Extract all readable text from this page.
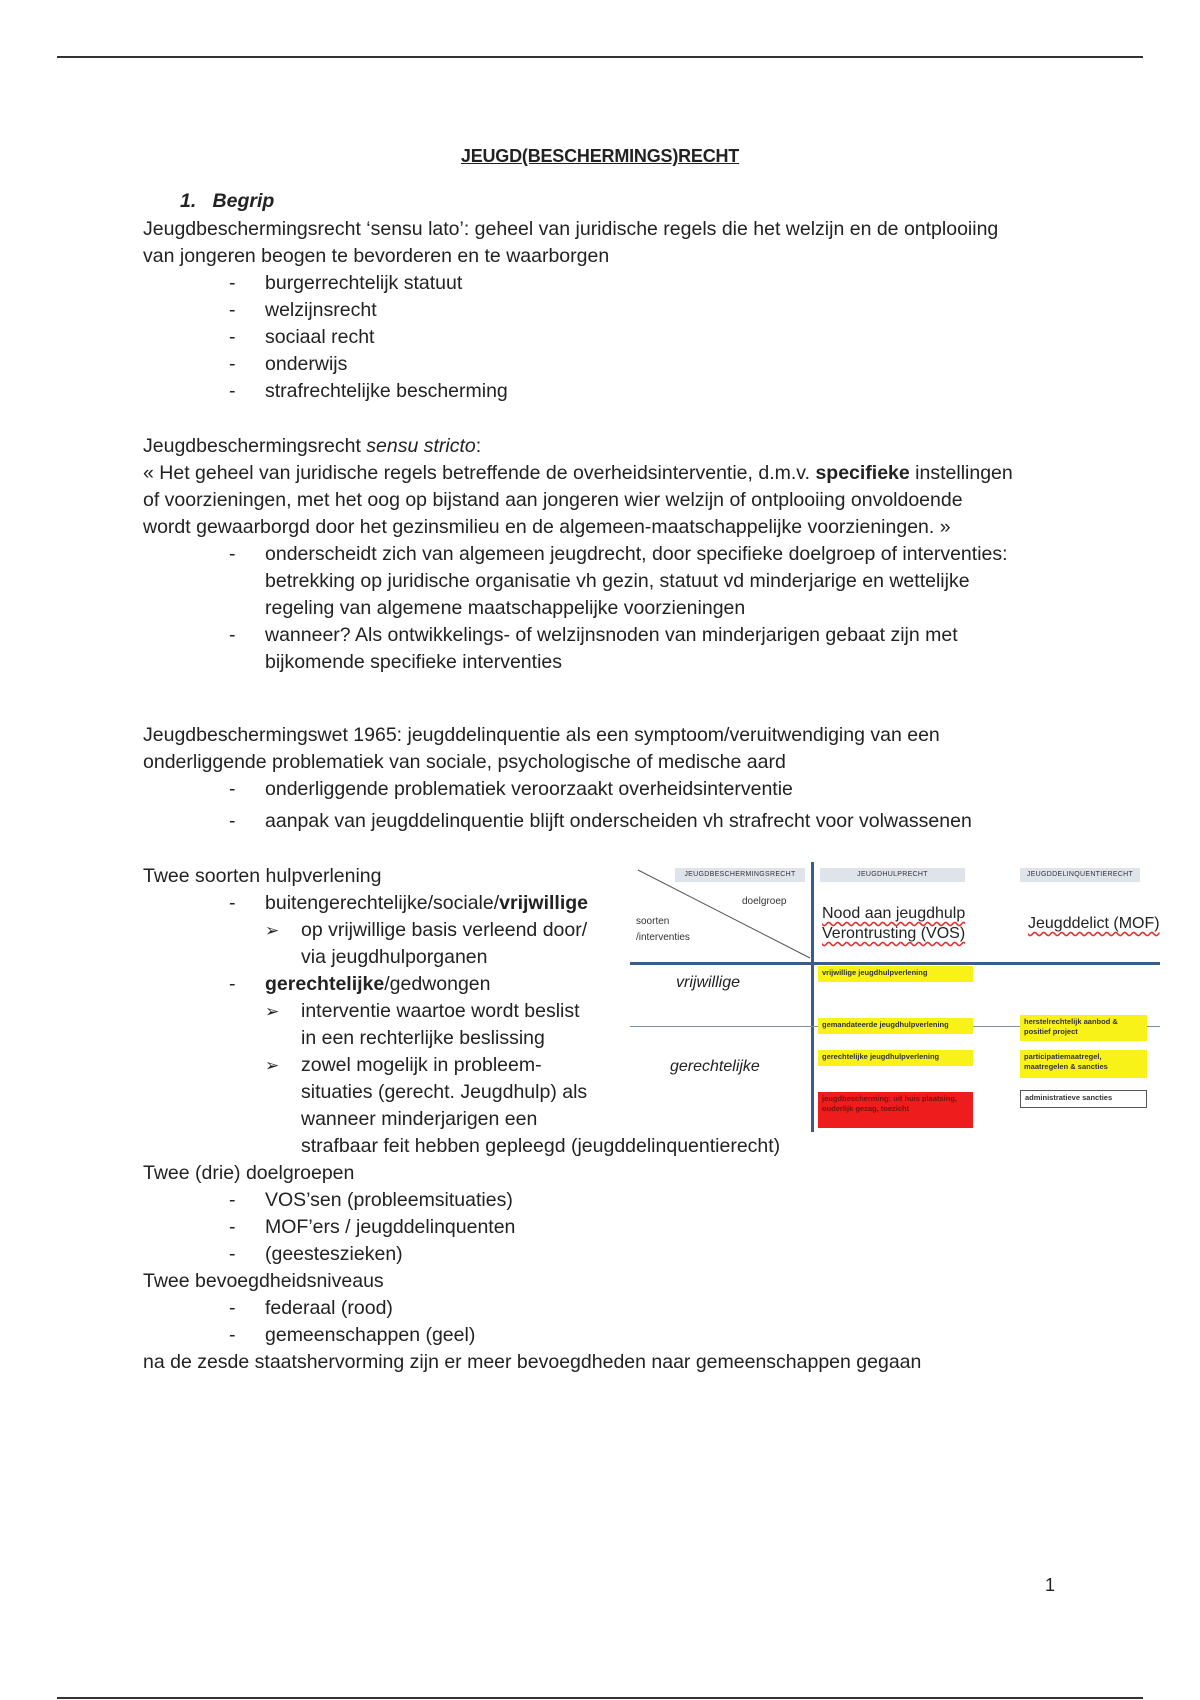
JEUGD(BESCHERMINGS)RECHT
1. Begrip
Jeugdbeschermingsrecht ‘sensu lato’: geheel van juridische regels die het welzijn en de ontplooiing
van jongeren beogen te bevorderen en te waarborgen
- burgerrechtelijk statuut
- welzijnsrecht
- sociaal recht
- onderwijs
- strafrechtelijke bescherming
Jeugdbeschermingsrecht sensu stricto:
« Het geheel van juridische regels betreffende de overheidsinterventie, d.m.v. specifieke instellingen
of voorzieningen, met het oog op bijstand aan jongeren wier welzijn of ontplooiing onvoldoende
wordt gewaarborgd door het gezinsmilieu en de algemeen-maatschappelijke voorzieningen. »
- onderscheidt zich van algemeen jeugdrecht, door specifieke doelgroep of interventies:
betrekking op juridische organisatie vh gezin, statuut vd minderjarige en wettelijke
regeling van algemene maatschappelijke voorzieningen
- wanneer? Als ontwikkelings- of welzijnsnoden van minderjarigen gebaat zijn met
bijkomende specifieke interventies
Jeugdbeschermingswet 1965: jeugddelinquentie als een symptoom/veruitwendiging van een
onderliggende problematiek van sociale, psychologische of medische aard
- onderliggende problematiek veroorzaakt overheidsinterventie
- aanpak van jeugddelinquentie blijft onderscheiden vh strafrecht voor volwassenen
Twee soorten hulpverlening
- buitengerechtelijke/sociale/vrijwillige
➢ op vrijwillige basis verleend door/
via jeugdhulporganen
- gerechtelijke/gedwongen
➢ interventie waartoe wordt beslist
in een rechterlijke beslissing
➢ zowel mogelijk in probleem-
situaties (gerecht. Jeugdhulp) als
wanneer minderjarigen een
strafbaar feit hebben gepleegd (jeugddelinquentierecht)
Twee (drie) doelgroepen
- VOS’sen (probleemsituaties)
- MOF’ers / jeugddelinquenten
- (geesteszieken)
Twee bevoegdheidsniveaus
- federaal (rood)
- gemeenschappen (geel)
na de zesde staatshervorming zijn er meer bevoegdheden naar gemeenschappen gegaan
JEUGDBESCHERMINGSRECHT	JEUGDHULPRECHT	JEUGDDELINQUENTIERECHT
doelgroep
soorten
/interventies
Nood aan jeugdhulp
Verontrusting (VOS)
Jeugddelict (MOF)
vrijwillige
gerechtelijke
vrijwillige jeugdhulpverlening
gemandateerde jeugdhulpverlening
gerechtelijke jeugdhulpverlening
jeugdbescherming: uit huis plaatsing, ouderlijk gezag, toezicht
herstelrechtelijk aanbod & positief project
participatiemaatregel, maatregelen & sancties
administratieve sancties
1
